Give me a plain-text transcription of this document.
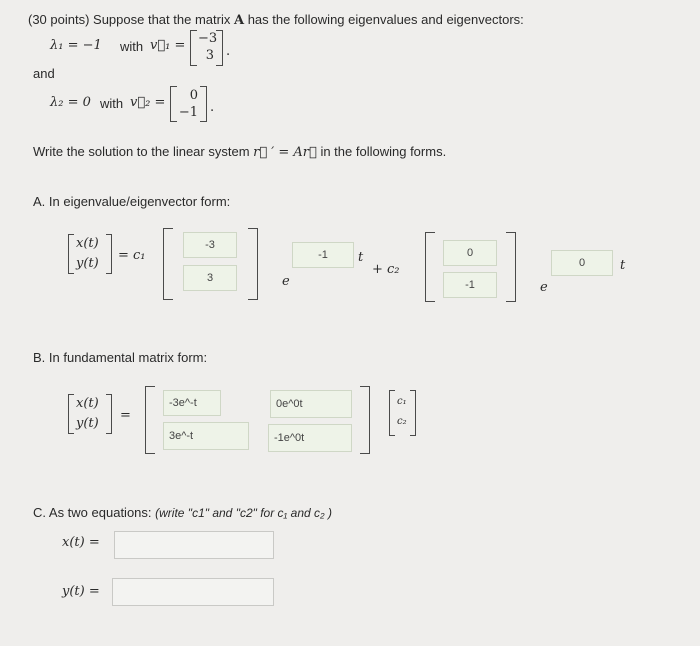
(30 points) Suppose that the matrix A has the following eigenvalues and eigenvectors:
λ₁ = −1 with v⃗₁ = −3
3 .
and
λ₂ = 0 with v⃗₂ =	0
−1 .
Write the solution to the linear system r⃗ ′ = Ar⃗ in the following forms.
A. In eigenvalue/eigenvector form:
x(t)
y(t)
= c₁
-3
3
e
-1
t
+ c₂
0
-1
e
0
t
B. In fundamental matrix form:
x(t)
y(t)
=
-3e^-t
0e^0t
3e^-t
-1e^0t
c₁
c₂
C. As two equations: (write "c1" and "c2" for c₁ and c₂ )
x(t) =
y(t) =
